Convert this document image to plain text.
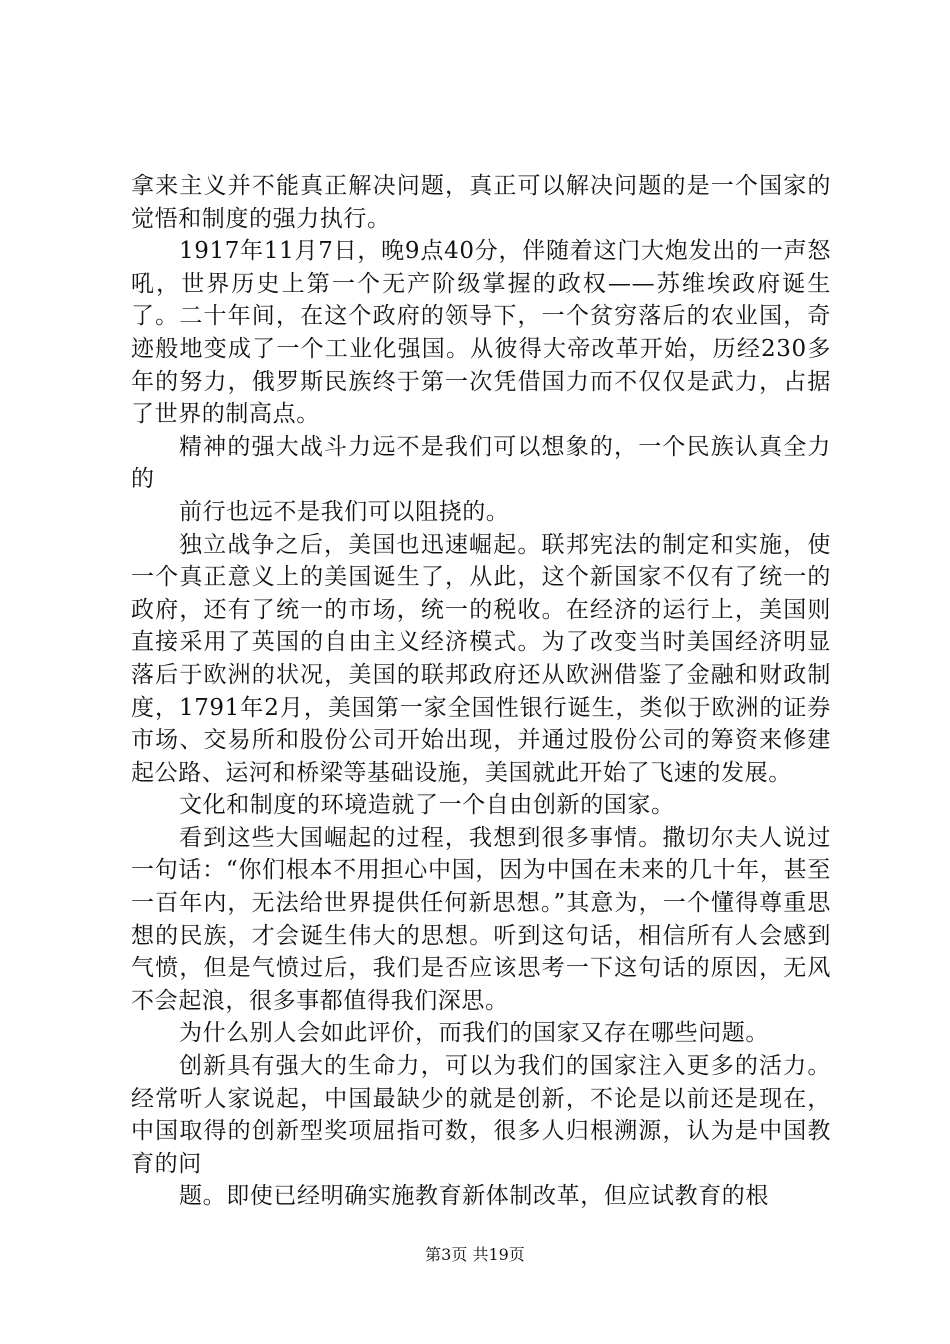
拿来主义并不能真正解决问题，真正可以解决问题的是一个国家的觉悟和制度的强力执行。

1917年11月7日，晚9点40分，伴随着这门大炮发出的一声怒吼，世界历史上第一个无产阶级掌握的政权——苏维埃政府诞生了。二十年间，在这个政府的领导下，一个贫穷落后的农业国，奇迹般地变成了一个工业化强国。从彼得大帝改革开始，历经230多年的努力，俄罗斯民族终于第一次凭借国力而不仅仅是武力，占据了世界的制高点。

精神的强大战斗力远不是我们可以想象的，一个民族认真全力的

前行也远不是我们可以阻挠的。

独立战争之后，美国也迅速崛起。联邦宪法的制定和实施，使一个真正意义上的美国诞生了，从此，这个新国家不仅有了统一的政府，还有了统一的市场，统一的税收。在经济的运行上，美国则直接采用了英国的自由主义经济模式。为了改变当时美国经济明显落后于欧洲的状况，美国的联邦政府还从欧洲借鉴了金融和财政制度，1791年2月，美国第一家全国性银行诞生，类似于欧洲的证券市场、交易所和股份公司开始出现，并通过股份公司的筹资来修建起公路、运河和桥梁等基础设施，美国就此开始了飞速的发展。

文化和制度的环境造就了一个自由创新的国家。

看到这些大国崛起的过程，我想到很多事情。撒切尔夫人说过一句话：“你们根本不用担心中国，因为中国在未来的几十年，甚至一百年内，无法给世界提供任何新思想。”其意为，一个懂得尊重思想的民族，才会诞生伟大的思想。听到这句话，相信所有人会感到气愤，但是气愤过后，我们是否应该思考一下这句话的原因，无风不会起浪，很多事都值得我们深思。

为什么别人会如此评价，而我们的国家又存在哪些问题。

创新具有强大的生命力，可以为我们的国家注入更多的活力。经常听人家说起，中国最缺少的就是创新，不论是以前还是现在，中国取得的创新型奖项屈指可数，很多人归根溯源，认为是中国教育的问

题。即使已经明确实施教育新体制改革，但应试教育的根

第3页 共19页
